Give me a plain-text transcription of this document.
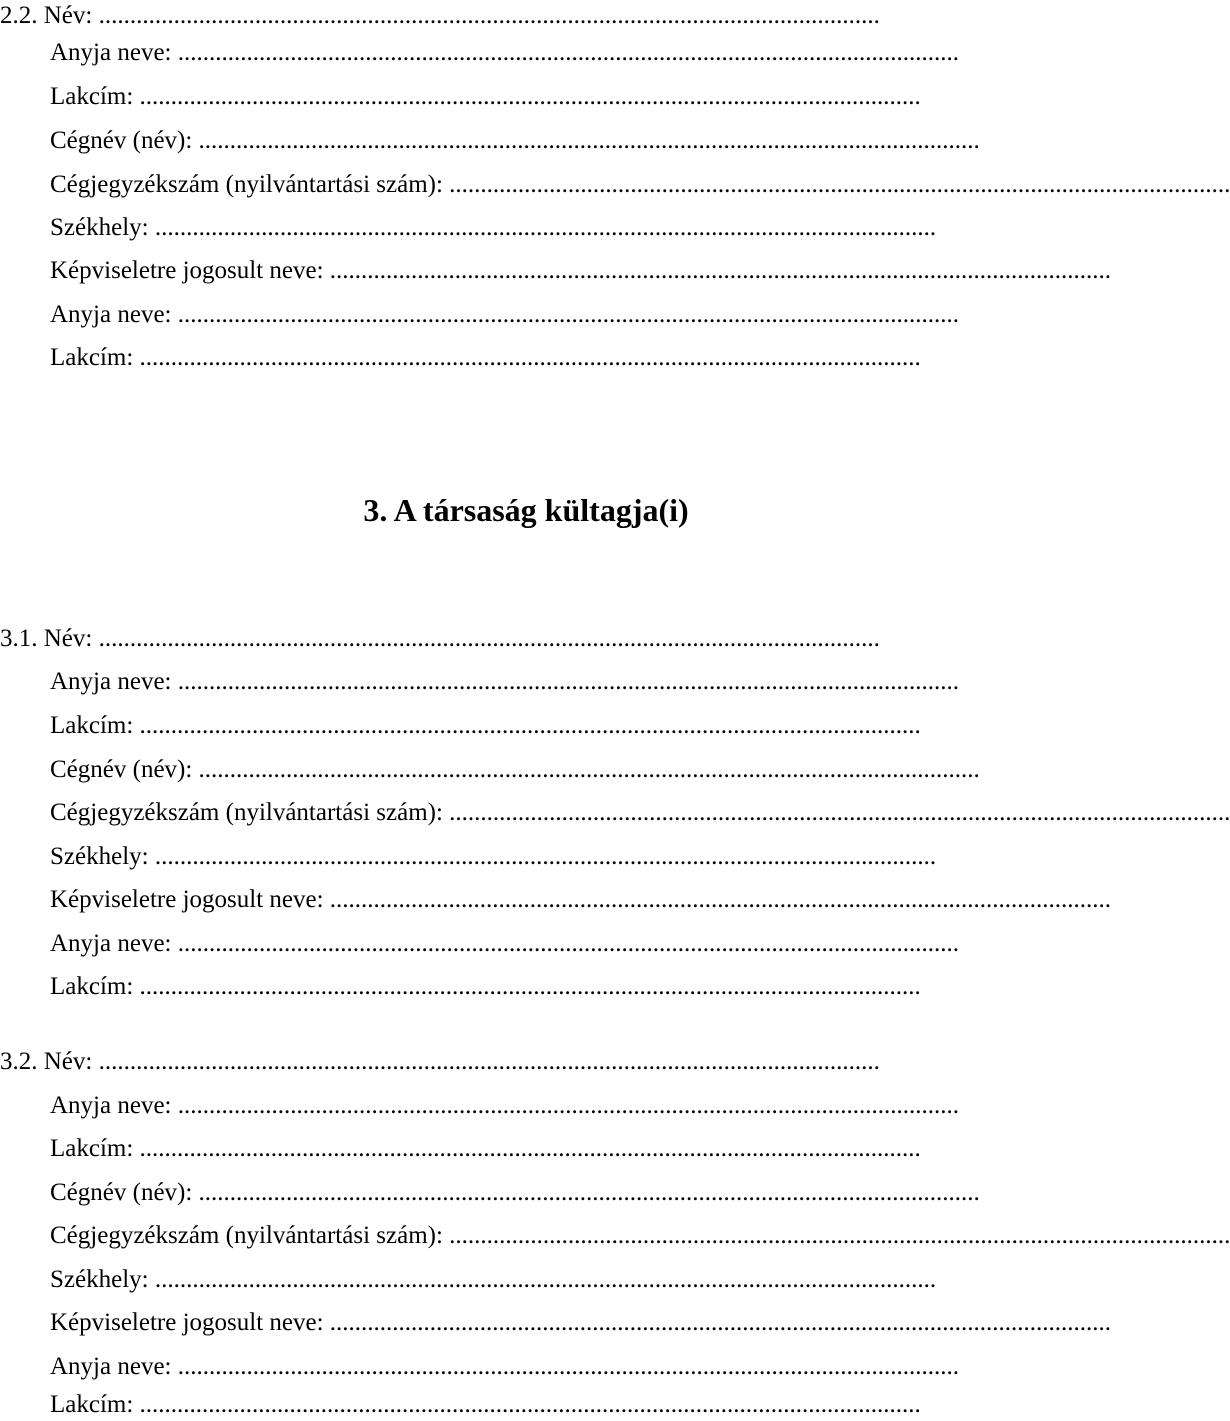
2.2. Név: .............................................................................................................................
Anyja neve: .............................................................................................................................
Lakcím: .............................................................................................................................
Cégnév (név): .............................................................................................................................
Cégjegyzékszám (nyilvántartási szám): .............................................................................................................................
Székhely: .............................................................................................................................
Képviseletre jogosult neve: .............................................................................................................................
Anyja neve: .............................................................................................................................
Lakcím: .............................................................................................................................
3. A társaság kültagja(i)
3.1. Név: .............................................................................................................................
Anyja neve: .............................................................................................................................
Lakcím: .............................................................................................................................
Cégnév (név): .............................................................................................................................
Cégjegyzékszám (nyilvántartási szám): .............................................................................................................................
Székhely: .............................................................................................................................
Képviseletre jogosult neve: .............................................................................................................................
Anyja neve: .............................................................................................................................
Lakcím: .............................................................................................................................
3.2. Név: .............................................................................................................................
Anyja neve: .............................................................................................................................
Lakcím: .............................................................................................................................
Cégnév (név): .............................................................................................................................
Cégjegyzékszám (nyilvántartási szám): .............................................................................................................................
Székhely: .............................................................................................................................
Képviseletre jogosult neve: .............................................................................................................................
Anyja neve: .............................................................................................................................
Lakcím: .............................................................................................................................
